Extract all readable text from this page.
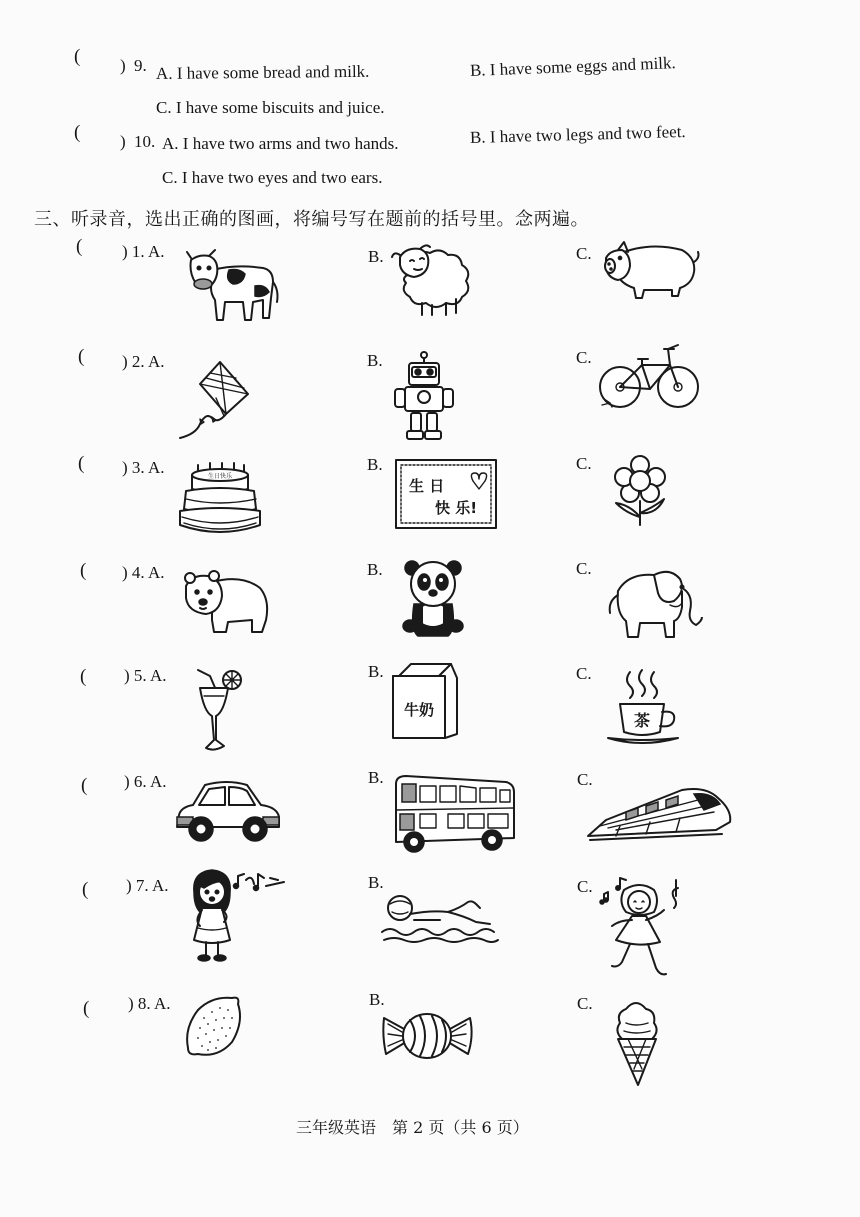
( ) 9. A. I have some bread and milk.	B. I have some eggs and milk.
C. I have some biscuits and juice.
( ) 10. A. I have two arms and two hands.	B. I have two legs and two feet.
C. I have two eyes and two ears.
三、听录音，选出正确的图画，将编号写在题前的括号里。念两遍。
( ) 1. A.	B.	C.
( ) 2. A.	B.	C.
( ) 3. A.	B.	C.
( ) 4. A.	B.	C.
( ) 5. A.	B.	C.
( ) 6. A.	B.	C.
( ) 7. A.	B.	C.
( ) 8. A.	B.	C.
生日快乐
生 日
快 乐!
牛奶
茶
三年级英语　第 2 页（共 6 页）
